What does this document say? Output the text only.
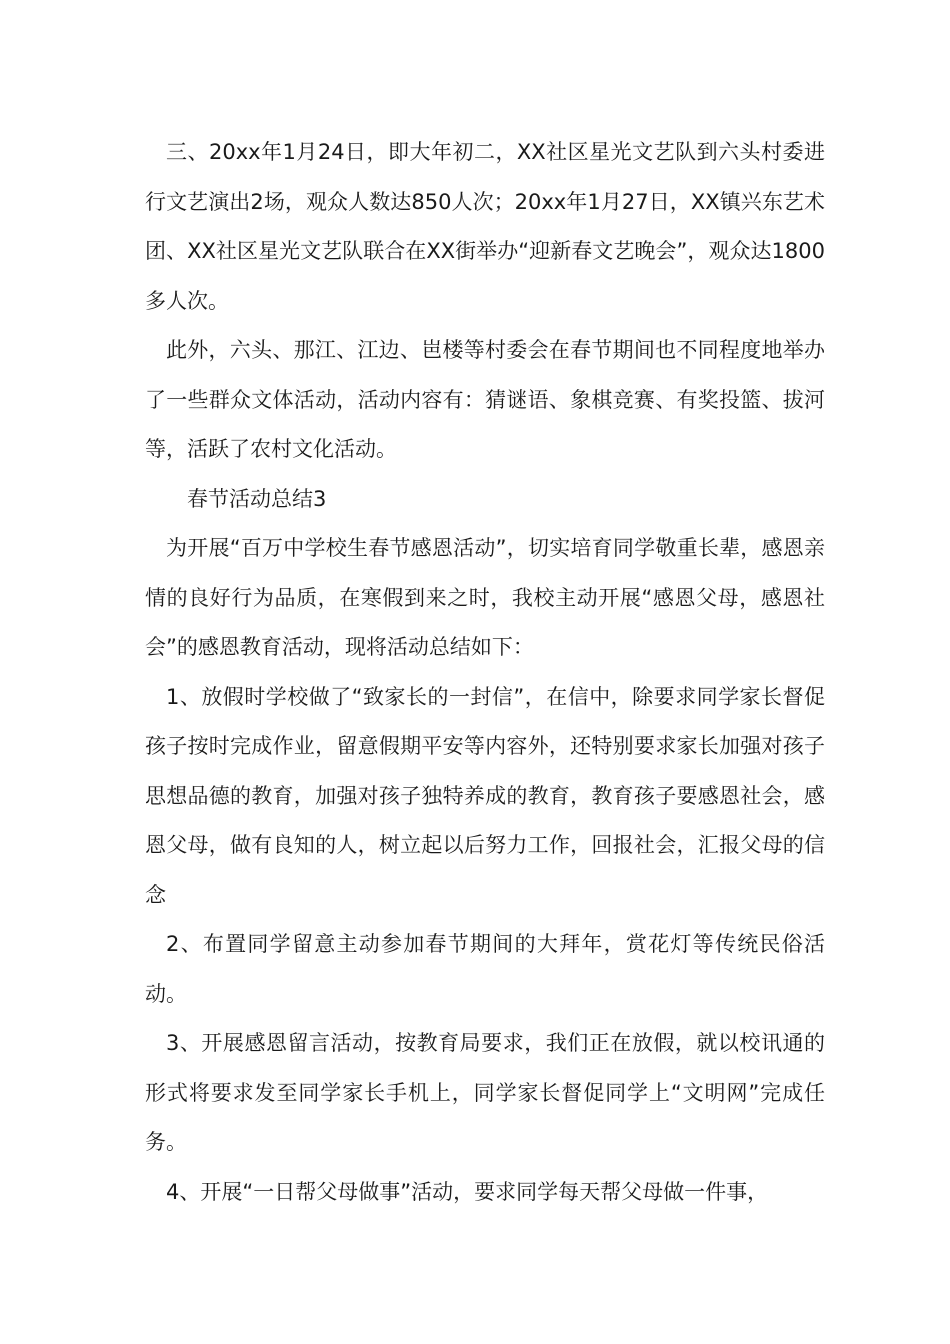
三、20xx年1月24日，即大年初二，XX社区星光文艺队到六头村委进行文艺演出2场，观众人数达850人次；20xx年1月27日，XX镇兴东艺术团、XX社区星光文艺队联合在XX街举办“迎新春文艺晚会”，观众达1800多人次。

此外，六头、那江、江边、岜楼等村委会在春节期间也不同程度地举办了一些群众文体活动，活动内容有：猜谜语、象棋竞赛、有奖投篮、拔河等，活跃了农村文化活动。

春节活动总结3

为开展“百万中学校生春节感恩活动”，切实培育同学敬重长辈，感恩亲情的良好行为品质，在寒假到来之时，我校主动开展“感恩父母，感恩社会”的感恩教育活动，现将活动总结如下：

1、放假时学校做了“致家长的一封信”，在信中，除要求同学家长督促孩子按时完成作业，留意假期平安等内容外，还特别要求家长加强对孩子思想品德的教育，加强对孩子独特养成的教育，教育孩子要感恩社会，感恩父母，做有良知的人，树立起以后努力工作，回报社会，汇报父母的信念

2、布置同学留意主动参加春节期间的大拜年，赏花灯等传统民俗活动。

3、开展感恩留言活动，按教育局要求，我们正在放假，就以校讯通的形式将要求发至同学家长手机上，同学家长督促同学上“文明网”完成任务。

4、开展“一日帮父母做事”活动，要求同学每天帮父母做一件事，
